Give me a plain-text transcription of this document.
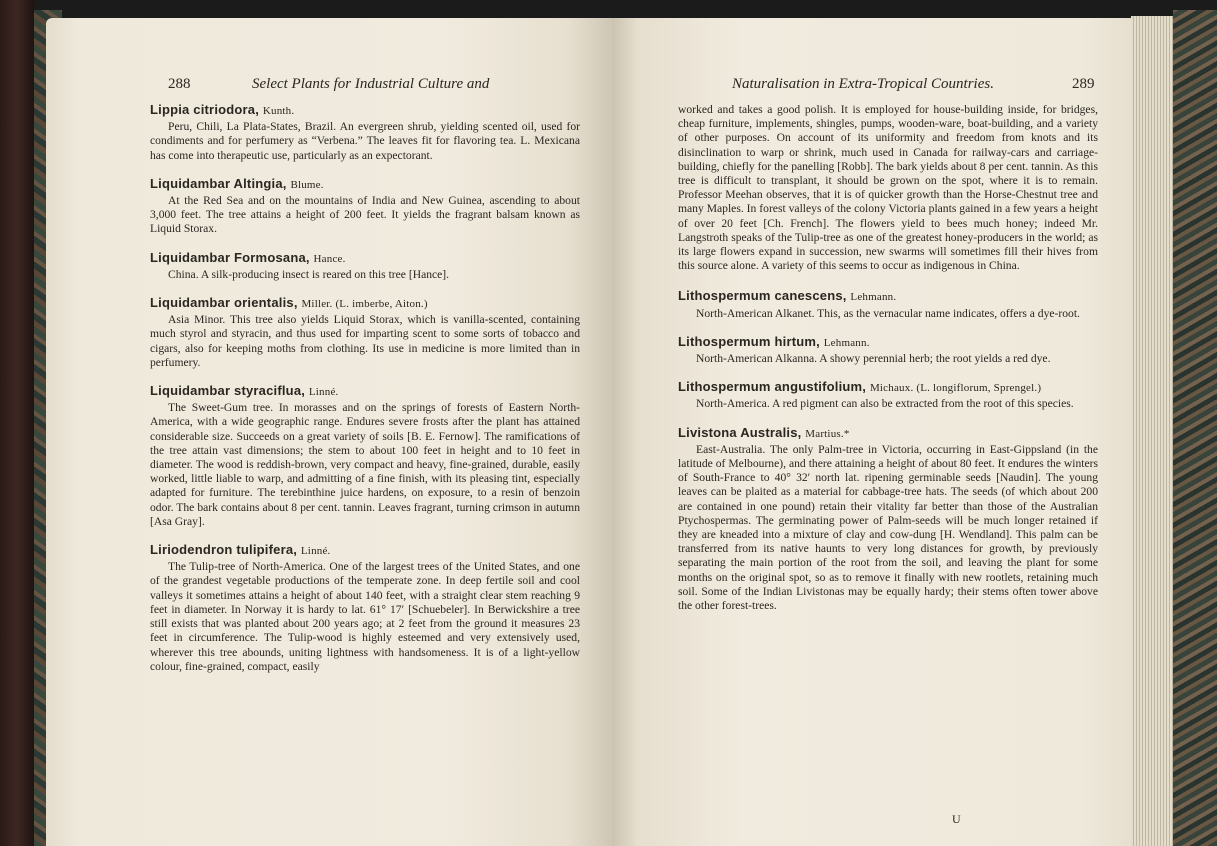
288	Select Plants for Industrial Culture and

Lippia citriodora, Kunth.

Peru, Chili, La Plata-States, Brazil. An evergreen shrub, yielding scented oil, used for condiments and for perfumery as “Verbena.” The leaves fit for flavoring tea. L. Mexicana has come into therapeutic use, particularly as an expectorant.

Liquidambar Altingia, Blume.

At the Red Sea and on the mountains of India and New Guinea, ascending to about 3,000 feet. The tree attains a height of 200 feet. It yields the fragrant balsam known as Liquid Storax.

Liquidambar Formosana, Hance.

China. A silk-producing insect is reared on this tree [Hance].

Liquidambar orientalis, Miller. (L. imberbe, Aiton.)

Asia Minor. This tree also yields Liquid Storax, which is vanilla-scented, containing much styrol and styracin, and thus used for imparting scent to some sorts of tobacco and cigars, also for keeping moths from clothing. Its use in medicine is more limited than in perfumery.

Liquidambar styraciflua, Linné.

The Sweet-Gum tree. In morasses and on the springs of forests of Eastern North-America, with a wide geographic range. Endures severe frosts after the plant has attained considerable size. Succeeds on a great variety of soils [B. E. Fernow]. The ramifications of the tree attain vast dimensions; the stem to about 100 feet in height and to 10 feet in diameter. The wood is reddish-brown, very compact and heavy, fine-grained, durable, easily worked, little liable to warp, and admitting of a fine finish, with its pleasing tint, especially adapted for furniture. The terebinthine juice hardens, on exposure, to a resin of benzoin odor. The bark contains about 8 per cent. tannin. Leaves fragrant, turning crimson in autumn [Asa Gray].

Liriodendron tulipifera, Linné.

The Tulip-tree of North-America. One of the largest trees of the United States, and one of the grandest vegetable productions of the temperate zone. In deep fertile soil and cool valleys it sometimes attains a height of about 140 feet, with a straight clear stem reaching 9 feet in diameter. In Norway it is hardy to lat. 61° 17′ [Schuebeler]. In Berwickshire a tree still exists that was planted about 200 years ago; at 2 feet from the ground it measures 23 feet in circumference. The Tulip-wood is highly esteemed and very extensively used, wherever this tree abounds, uniting lightness with handsomeness. It is of a light-yellow colour, fine-grained, compact, easily

Naturalisation in Extra-Tropical Countries.	289

worked and takes a good polish. It is employed for house-building inside, for bridges, cheap furniture, implements, shingles, pumps, wooden-ware, boat-building, and a variety of other purposes. On account of its uniformity and freedom from knots and its disinclination to warp or shrink, much used in Canada for railway-cars and carriage-building, chiefly for the panelling [Robb]. The bark yields about 8 per cent. tannin. As this tree is difficult to transplant, it should be grown on the spot, where it is to remain. Professor Meehan observes, that it is of quicker growth than the Horse-Chestnut tree and many Maples. In forest valleys of the colony Victoria plants gained in a few years a height of over 20 feet [Ch. French]. The flowers yield to bees much honey; indeed Mr. Langstroth speaks of the Tulip-tree as one of the greatest honey-producers in the world; as its large flowers expand in succession, new swarms will sometimes fill their hives from this source alone. A variety of this seems to occur as indigenous in China.

Lithospermum canescens, Lehmann.

North-American Alkanet. This, as the vernacular name indicates, offers a dye-root.

Lithospermum hirtum, Lehmann.

North-American Alkanna. A showy perennial herb; the root yields a red dye.

Lithospermum angustifolium, Michaux. (L. longiflorum, Sprengel.)

North-America. A red pigment can also be extracted from the root of this species.

Livistona Australis, Martius.*

East-Australia. The only Palm-tree in Victoria, occurring in East-Gippsland (in the latitude of Melbourne), and there attaining a height of about 80 feet. It endures the winters of South-France to 40° 32′ north lat. ripening germinable seeds [Naudin]. The young leaves can be plaited as a material for cabbage-tree hats. The seeds (of which about 200 are contained in one pound) retain their vitality far better than those of the Australian Ptychospermas. The germinating power of Palm-seeds will be much longer retained if they are kneaded into a mixture of clay and cow-dung [H. Wendland]. This palm can be transferred from its native haunts to very long distances for growth, by previously separating the main portion of the root from the soil, and leaving the plant for some months on the original spot, so as to remove it finally with new rootlets, retaining much soil. Some of the Indian Livistonas may be equally hardy; their stems often tower above the other forest-trees.

U
